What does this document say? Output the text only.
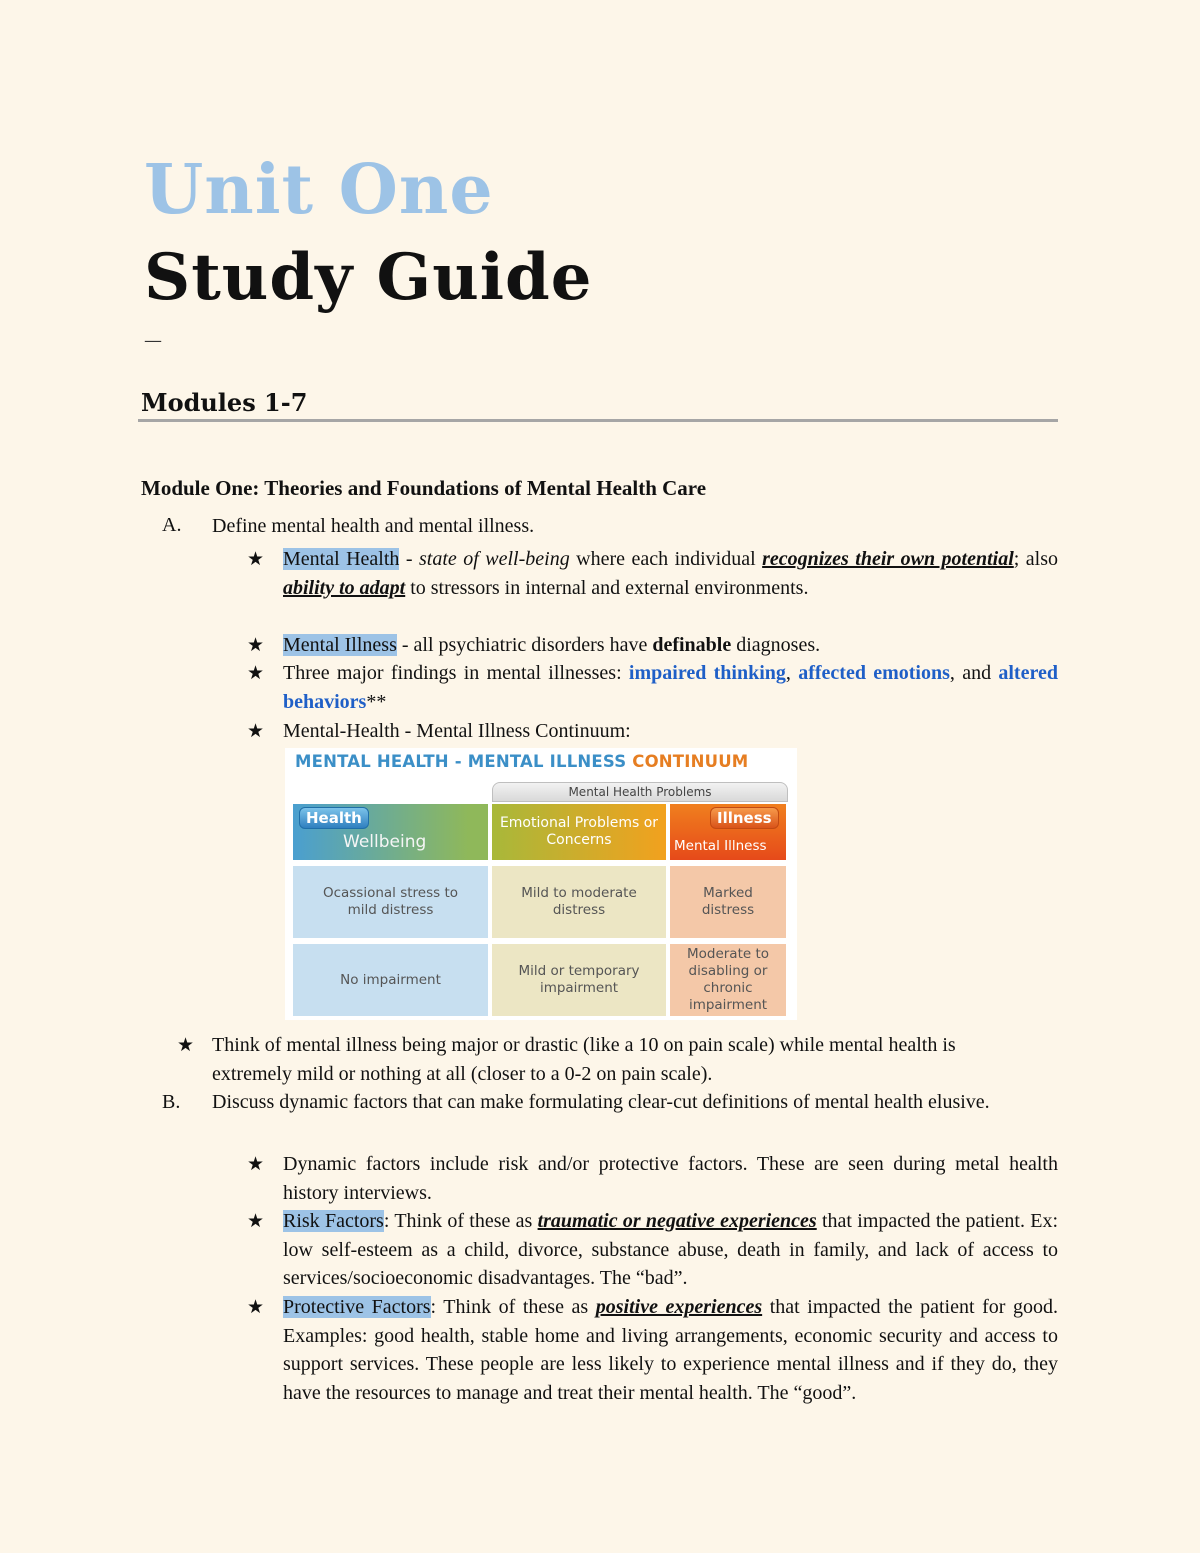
Unit One
Study Guide
—
Modules 1-7
Module One: Theories and Foundations of Mental Health Care
A. Define mental health and mental illness.
★ Mental Health - state of well-being where each individual recognizes their own potential; also ability to adapt to stressors in internal and external environments.
★ Mental Illness - all psychiatric disorders have definable diagnoses.
★ Three major findings in mental illnesses: impaired thinking, affected emotions, and altered behaviors**
★ Mental-Health - Mental Illness Continuum:
MENTAL HEALTH - MENTAL ILLNESS CONTINUUM
Mental Health Problems
Health
Wellbeing
Emotional Problems or Concerns
Illness
Mental Illness
Ocassional stress to mild distress
Mild to moderate distress
Marked distress
No impairment
Mild or temporary impairment
Moderate to disabling or chronic impairment
★ Think of mental illness being major or drastic (like a 10 on pain scale) while mental health is extremely mild or nothing at all (closer to a 0-2 on pain scale).
B. Discuss dynamic factors that can make formulating clear-cut definitions of mental health elusive.
★ Dynamic factors include risk and/or protective factors. These are seen during metal health history interviews.
★ Risk Factors: Think of these as traumatic or negative experiences that impacted the patient. Ex: low self-esteem as a child, divorce, substance abuse, death in family, and lack of access to services/socioeconomic disadvantages. The “bad”.
★ Protective Factors: Think of these as positive experiences that impacted the patient for good. Examples: good health, stable home and living arrangements, economic security and access to support services. These people are less likely to experience mental illness and if they do, they have the resources to manage and treat their mental health. The “good”.
